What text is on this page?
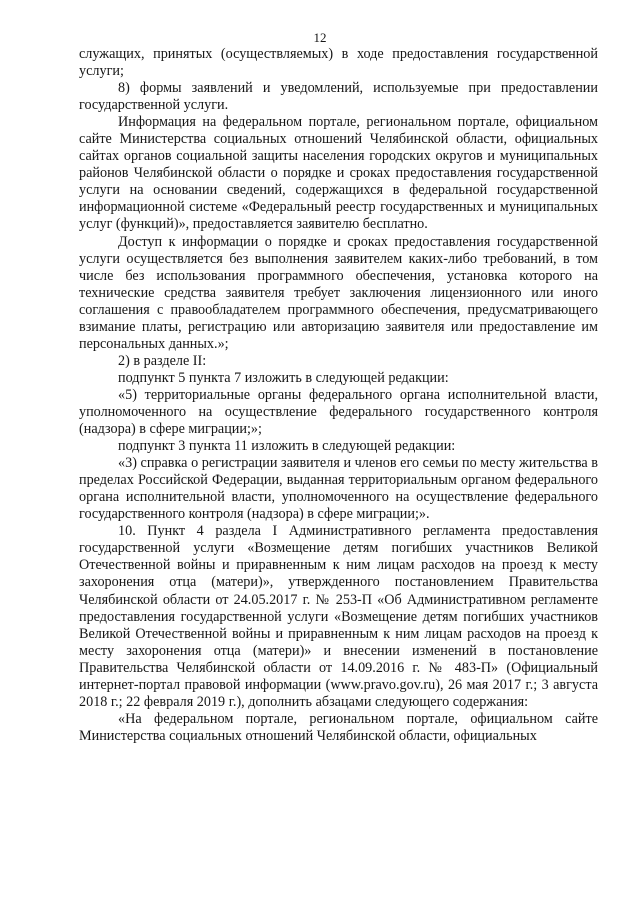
12

служащих, принятых (осуществляемых) в ходе предоставления государственной услуги;

8) формы заявлений и уведомлений, используемые при предоставлении государственной услуги.

Информация на федеральном портале, региональном портале, официальном сайте Министерства социальных отношений Челябинской области, официальных сайтах органов социальной защиты населения городских округов и муниципальных районов Челябинской области о порядке и сроках предоставления государственной услуги на основании сведений, содержащихся в федеральной государственной информационной системе «Федеральный реестр государственных и муниципальных услуг (функций)», предоставляется заявителю бесплатно.

Доступ к информации о порядке и сроках предоставления государственной услуги осуществляется без выполнения заявителем каких-либо требований, в том числе без использования программного обеспечения, установка которого на технические средства заявителя требует заключения лицензионного или иного соглашения с правообладателем программного обеспечения, предусматривающего взимание платы, регистрацию или авторизацию заявителя или предоставление им персональных данных.»;

2) в разделе II:

подпункт 5 пункта 7 изложить в следующей редакции:

«5) территориальные органы федерального органа исполнительной власти, уполномоченного на осуществление федерального государственного контроля (надзора) в сфере миграции;»;

подпункт 3 пункта 11 изложить в следующей редакции:

«3) справка о регистрации заявителя и членов его семьи по месту жительства в пределах Российской Федерации, выданная территориальным органом федерального органа исполнительной власти, уполномоченного на осуществление федерального государственного контроля (надзора) в сфере миграции;».

10. Пункт 4 раздела I Административного регламента предоставления государственной услуги «Возмещение детям погибших участников Великой Отечественной войны и приравненным к ним лицам расходов на проезд к месту захоронения отца (матери)», утвержденного постановлением Правительства Челябинской области от 24.05.2017 г. № 253-П «Об Административном регламенте предоставления государственной услуги «Возмещение детям погибших участников Великой Отечественной войны и приравненным к ним лицам расходов на проезд к месту захоронения отца (матери)» и внесении изменений в постановление Правительства Челябинской области от 14.09.2016 г. № 483-П» (Официальный интернет-портал правовой информации (www.pravo.gov.ru), 26 мая 2017 г.; 3 августа 2018 г.; 22 февраля 2019 г.), дополнить абзацами следующего содержания:

«На федеральном портале, региональном портале, официальном сайте Министерства социальных отношений Челябинской области, официальных
